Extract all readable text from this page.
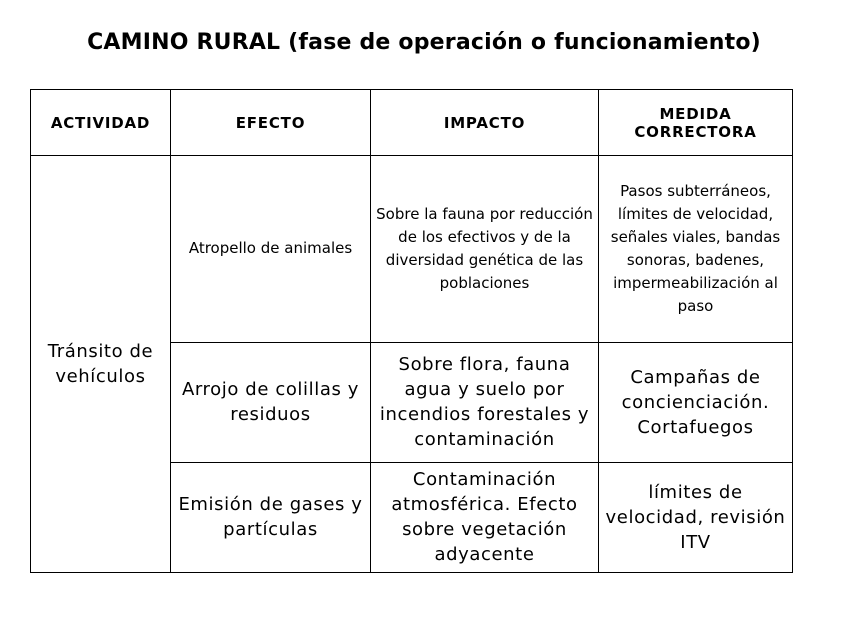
CAMINO RURAL (fase de operación o funcionamiento)
ACTIVIDAD	EFECTO	IMPACTO	MEDIDA CORRECTORA
Tránsito de vehículos	Atropello de animales	Sobre la fauna por reducción de los efectivos y de la diversidad genética de las poblaciones	Pasos subterráneos, límites de velocidad, señales viales, bandas sonoras, badenes, impermeabilización al paso
	Arrojo de colillas y residuos	Sobre flora, fauna agua y suelo por incendios forestales y contaminación	Campañas de concienciación. Cortafuegos
	Emisión de gases y partículas	Contaminación atmosférica. Efecto sobre vegetación adyacente	límites de velocidad, revisión ITV
